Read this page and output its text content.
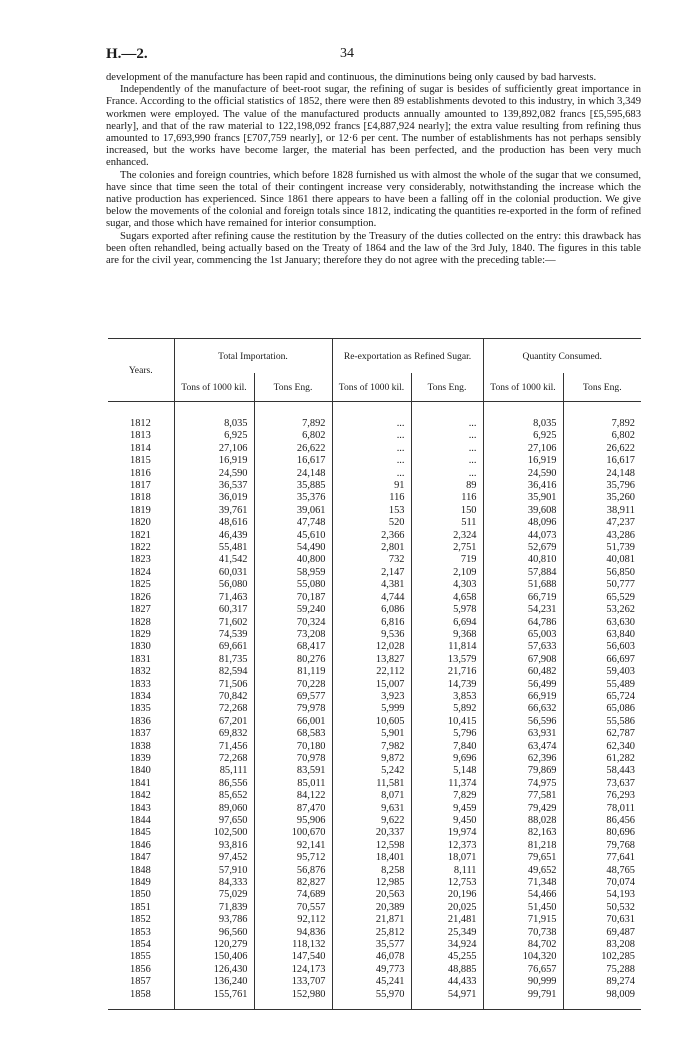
H.—2.	34

development of the manufacture has been rapid and continuous, the diminutions being only caused by bad harvests.

Independently of the manufacture of beet-root sugar, the refining of sugar is besides of sufficiently great importance in France. According to the official statistics of 1852, there were then 89 establishments devoted to this industry, in which 3,349 workmen were employed. The value of the manufactured products annually amounted to 139,892,082 francs [£5,595,683 nearly], and that of the raw material to 122,198,092 francs [£4,887,924 nearly]; the extra value resulting from refining thus amounted to 17,693,990 francs [£707,759 nearly], or 12·6 per cent. The number of establishments has not perhaps sensibly increased, but the works have become larger, the material has been perfected, and the production has been very much enhanced.

The colonies and foreign countries, which before 1828 furnished us with almost the whole of the sugar that we consumed, have since that time seen the total of their contingent increase very considerably, notwithstanding the increase which the native production has experienced. Since 1861 there appears to have been a falling off in the colonial production. We give below the movements of the colonial and foreign totals since 1812, indicating the quantities re-exported in the form of refined sugar, and those which have remained for interior consumption.

Sugars exported after refining cause the restitution by the Treasury of the duties collected on the entry: this drawback has been often rehandled, being actually based on the Treaty of 1864 and the law of the 3rd July, 1840. The figures in this table are for the civil year, commencing the 1st January; therefore they do not agree with the preceding table:—

Years.	Total Importation.		Re-exportation as Refined Sugar.		Quantity Consumed.	
	Tons of 1000 kil.	Tons Eng.	Tons of 1000 kil.	Tons Eng.	Tons of 1000 kil.	Tons Eng.

1812	8,035	7,892	...	...	8,035	7,892
1813	6,925	6,802	...	...	6,925	6,802
1814	27,106	26,622	...	...	27,106	26,622
1815	16,919	16,617	...	...	16,919	16,617
1816	24,590	24,148	...	...	24,590	24,148
1817	36,537	35,885	91	89	36,416	35,796
1818	36,019	35,376	116	116	35,901	35,260
1819	39,761	39,061	153	150	39,608	38,911
1820	48,616	47,748	520	511	48,096	47,237
1821	46,439	45,610	2,366	2,324	44,073	43,286
1822	55,481	54,490	2,801	2,751	52,679	51,739
1823	41,542	40,800	732	719	40,810	40,081
1824	60,031	58,959	2,147	2,109	57,884	56,850
1825	56,080	55,080	4,381	4,303	51,688	50,777
1826	71,463	70,187	4,744	4,658	66,719	65,529
1827	60,317	59,240	6,086	5,978	54,231	53,262
1828	71,602	70,324	6,816	6,694	64,786	63,630
1829	74,539	73,208	9,536	9,368	65,003	63,840
1830	69,661	68,417	12,028	11,814	57,633	56,603
1831	81,735	80,276	13,827	13,579	67,908	66,697
1832	82,594	81,119	22,112	21,716	60,482	59,403
1833	71,506	70,228	15,007	14,739	56,499	55,489
1834	70,842	69,577	3,923	3,853	66,919	65,724
1835	72,268	79,978	5,999	5,892	66,632	65,086
1836	67,201	66,001	10,605	10,415	56,596	55,586
1837	69,832	68,583	5,901	5,796	63,931	62,787
1838	71,456	70,180	7,982	7,840	63,474	62,340
1839	72,268	70,978	9,872	9,696	62,396	61,282
1840	85,111	83,591	5,242	5,148	79,869	58,443
1841	86,556	85,011	11,581	11,374	74,975	73,637
1842	85,652	84,122	8,071	7,829	77,581	76,293
1843	89,060	87,470	9,631	9,459	79,429	78,011
1844	97,650	95,906	9,622	9,450	88,028	86,456
1845	102,500	100,670	20,337	19,974	82,163	80,696
1846	93,816	92,141	12,598	12,373	81,218	79,768
1847	97,452	95,712	18,401	18,071	79,651	77,641
1848	57,910	56,876	8,258	8,111	49,652	48,765
1849	84,333	82,827	12,985	12,753	71,348	70,074
1850	75,029	74,689	20,563	20,196	54,466	54,193
1851	71,839	70,557	20,389	20,025	51,450	50,532
1852	93,786	92,112	21,871	21,481	71,915	70,631
1853	96,560	94,836	25,812	25,349	70,738	69,487
1854	120,279	118,132	35,577	34,924	84,702	83,208
1855	150,406	147,540	46,078	45,255	104,320	102,285
1856	126,430	124,173	49,773	48,885	76,657	75,288
1857	136,240	133,707	45,241	44,433	90,999	89,274
1858	155,761	152,980	55,970	54,971	99,791	98,009
